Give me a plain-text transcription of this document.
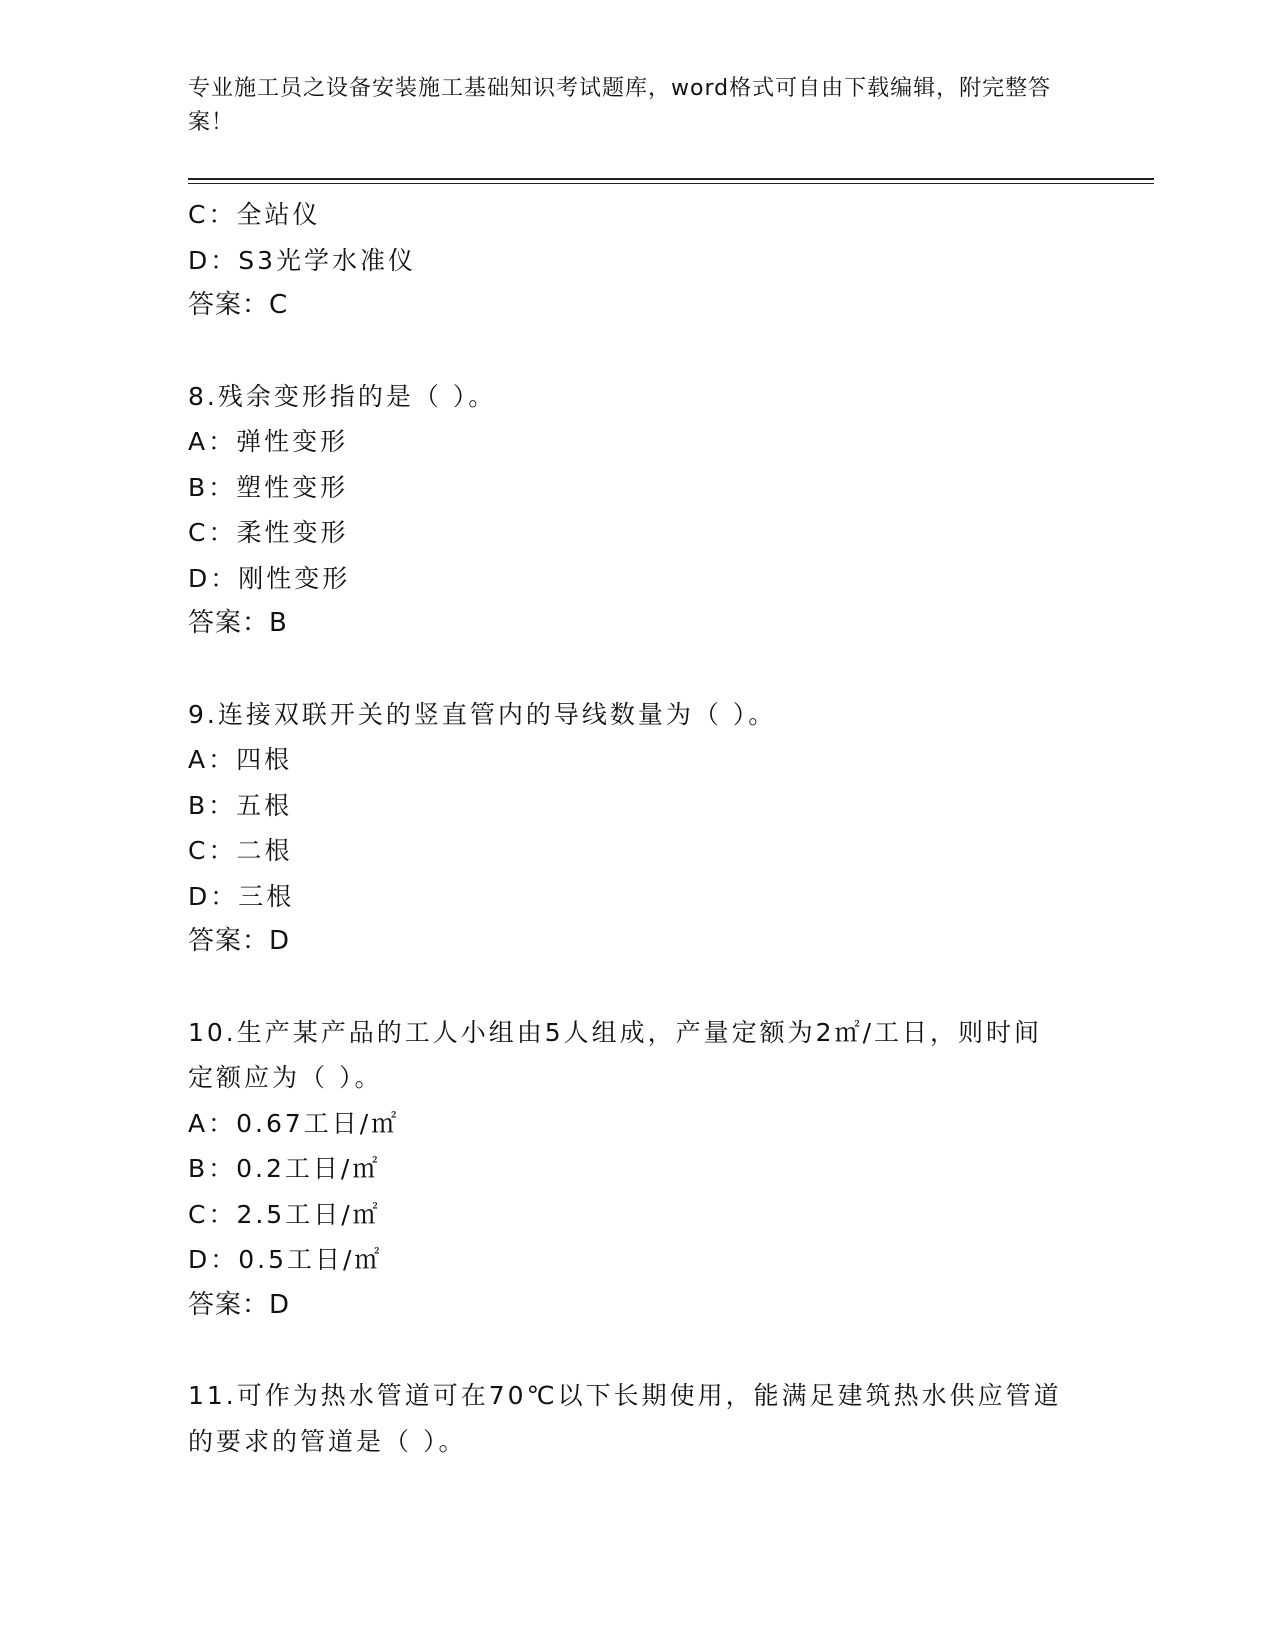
专业施工员之设备安装施工基础知识考试题库，word格式可自由下载编辑，附完整答案！
C：全站仪
D：S3光学水准仪
答案：C
8.残余变形指的是（ ）。
A：弹性变形
B：塑性变形
C：柔性变形
D：刚性变形
答案：B
9.连接双联开关的竖直管内的导线数量为（ ）。
A：四根
B：五根
C：二根
D：三根
答案：D
10.生产某产品的工人小组由5人组成，产量定额为2㎡/工日，则时间
定额应为（ ）。
A：0.67工日/㎡
B：0.2工日/㎡
C：2.5工日/㎡
D：0.5工日/㎡
答案：D
11.可作为热水管道可在70℃以下长期使用，能满足建筑热水供应管道
的要求的管道是（ ）。
